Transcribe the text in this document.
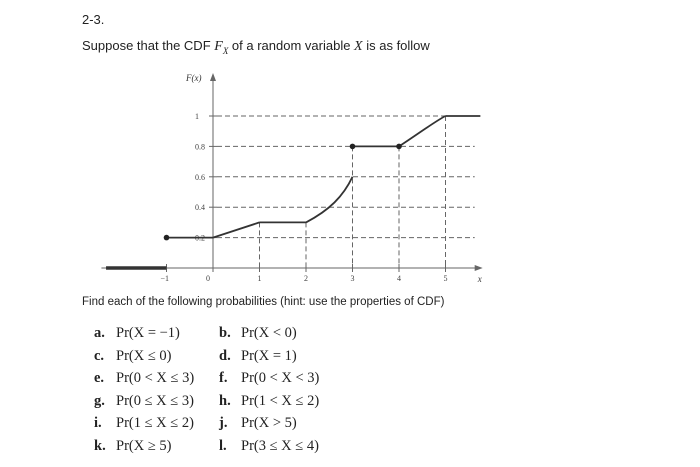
2-3.
Suppose that the CDF $F_X$ of a random variable X is as follow
F(x)
x
0.2
0.4
0.6
0.8
1
−1	0	1	2	3	4	5
Find each of the following probabilities (hint: use the properties of CDF)
a. Pr(X = −1)	b. Pr(X < 0)
c. Pr(X ≤ 0)	d. Pr(X = 1)
e. Pr(0 < X ≤ 3) f. Pr(0 < X < 3)
g. Pr(0 ≤ X ≤ 3) h. Pr(1 < X ≤ 2)
i. Pr(1 ≤ X ≤ 2) j. Pr(X > 5)
k. Pr(X ≥ 5)	l. Pr(3 ≤ X ≤ 4)
